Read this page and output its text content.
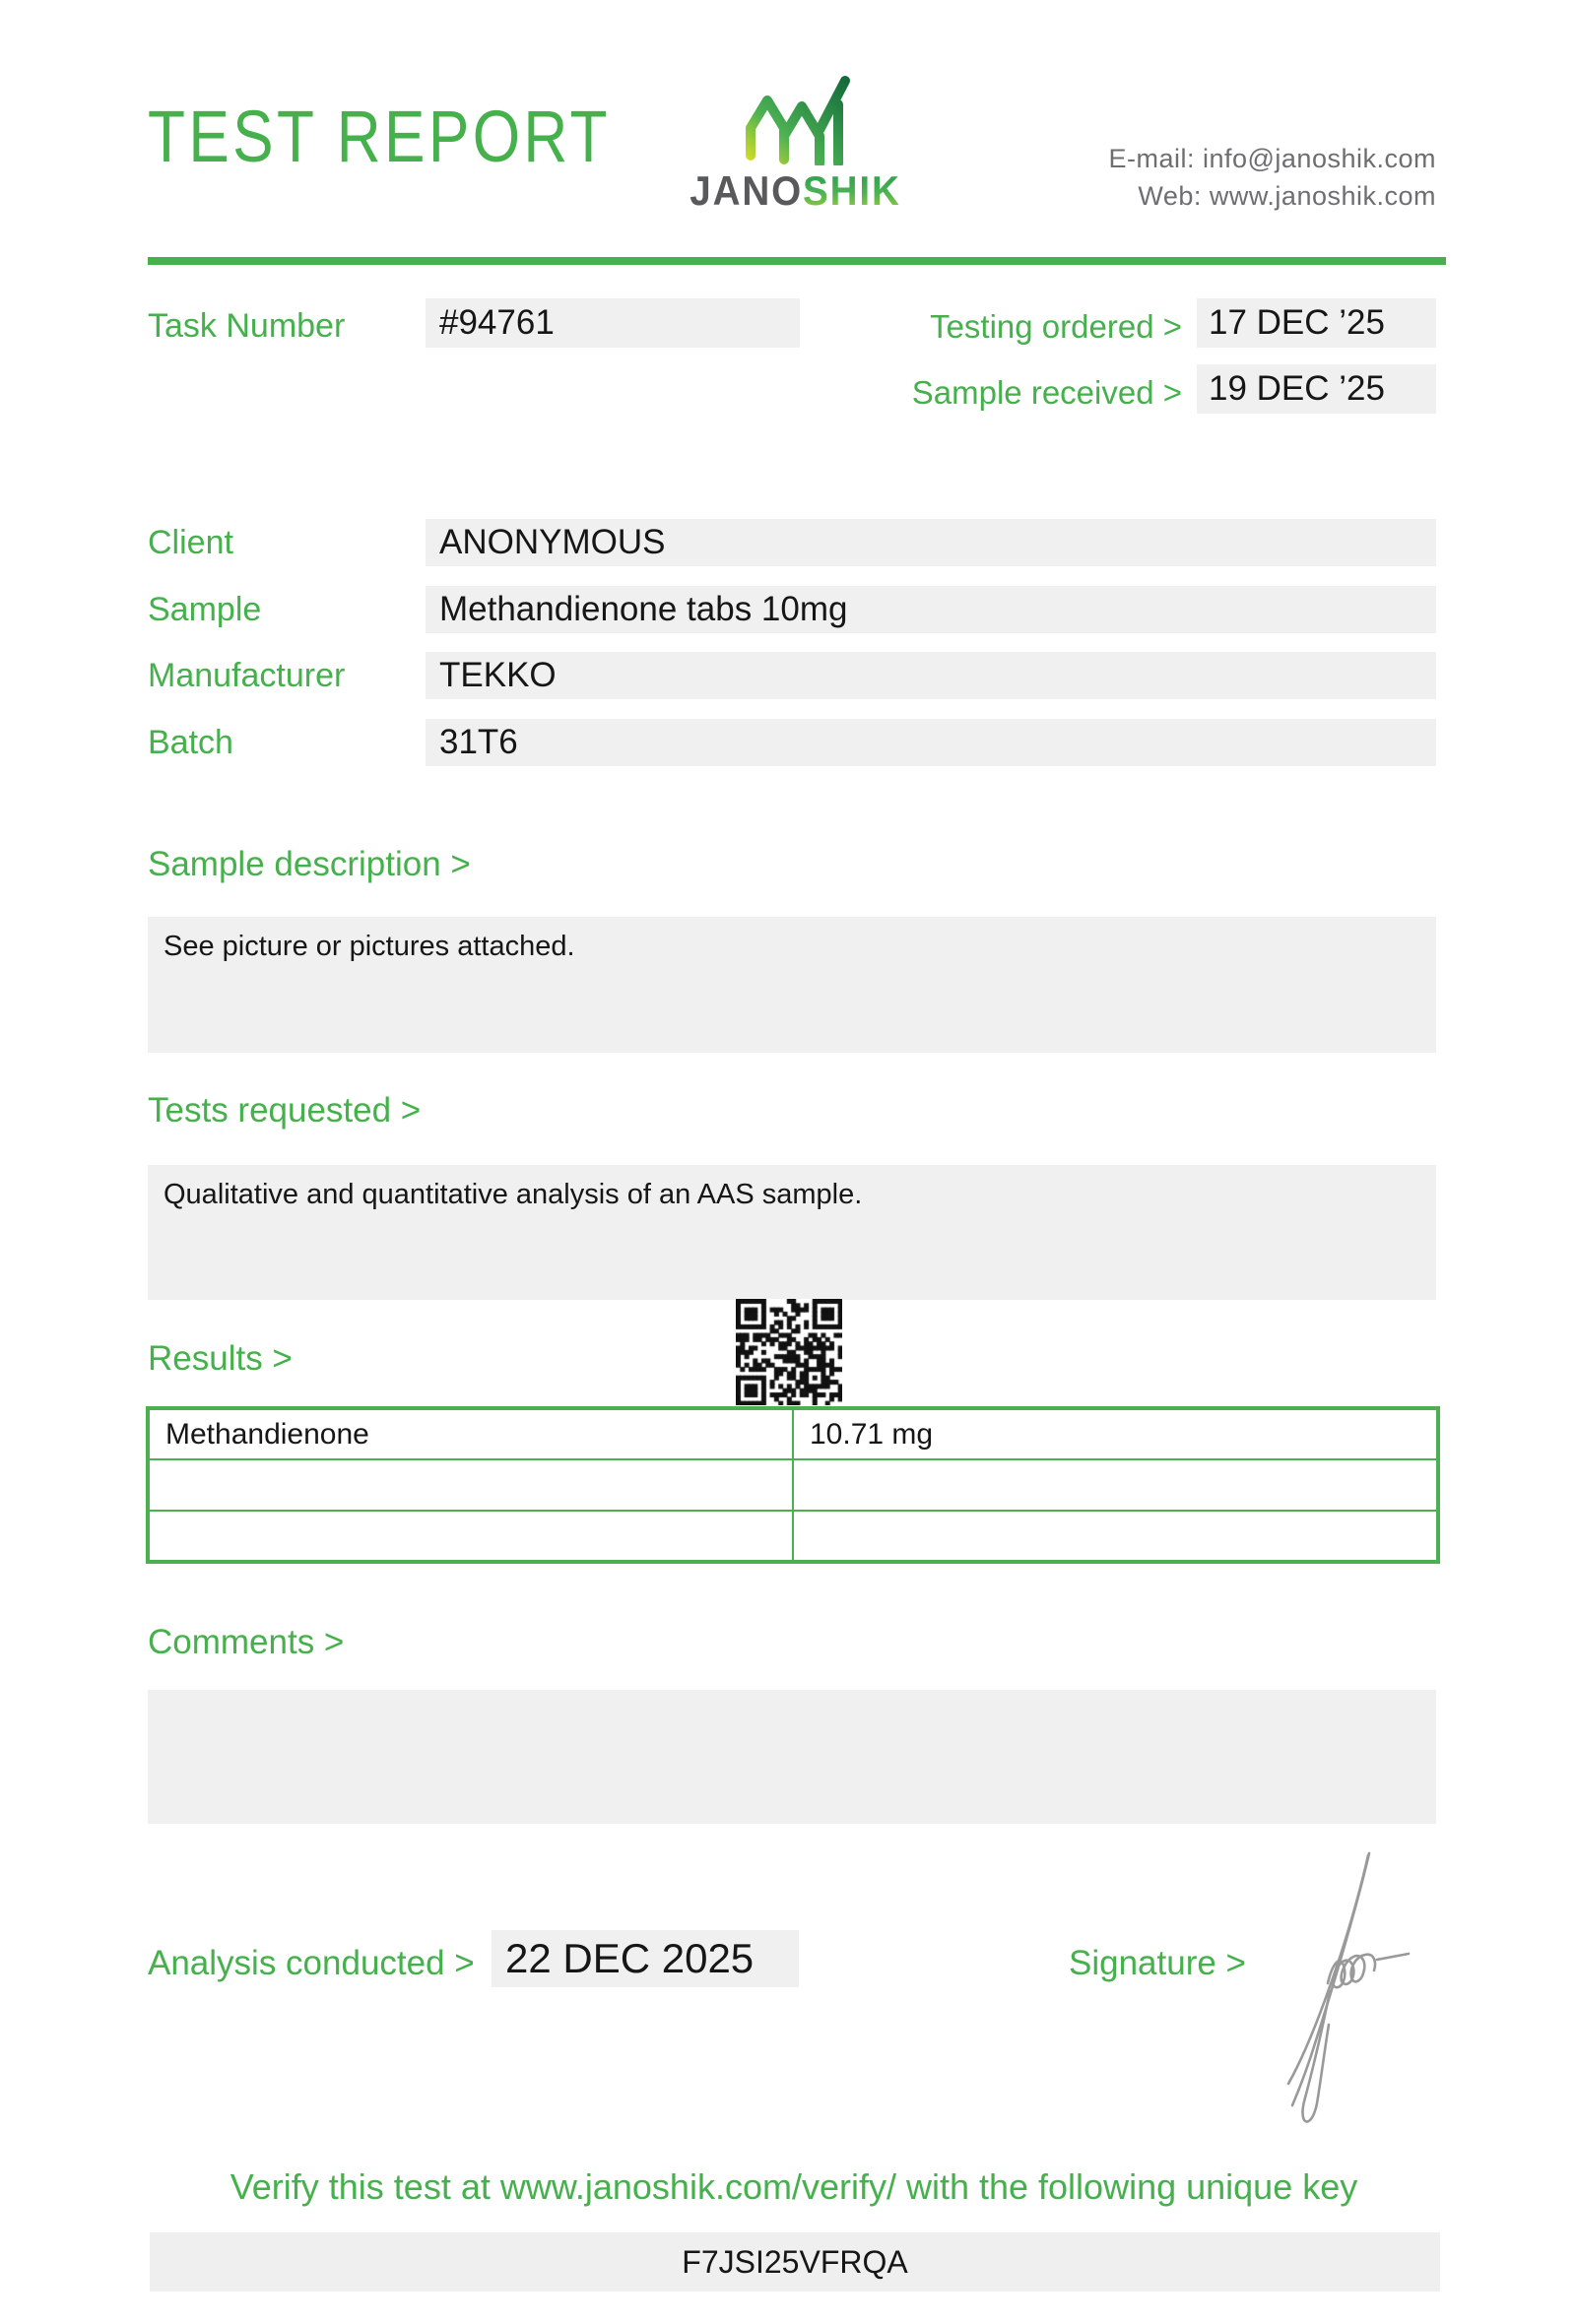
TEST REPORT
JANOSHIK
E-mail: info@janoshik.com
Web: www.janoshik.com
Task Number	#94761	Testing ordered > 17 DEC ’25
Sample received > 19 DEC ’25
Client	ANONYMOUS
Sample	Methandienone tabs 10mg
Manufacturer	TEKKO
Batch	31T6
Sample description >
See picture or pictures attached.
Tests requested >
Qualitative and quantitative analysis of an AAS sample.
Results >
Methandienone	10.71 mg

Comments >
Analysis conducted > 22 DEC 2025	Signature >
Verify this test at www.janoshik.com/verify/ with the following unique key
F7JSI25VFRQA
